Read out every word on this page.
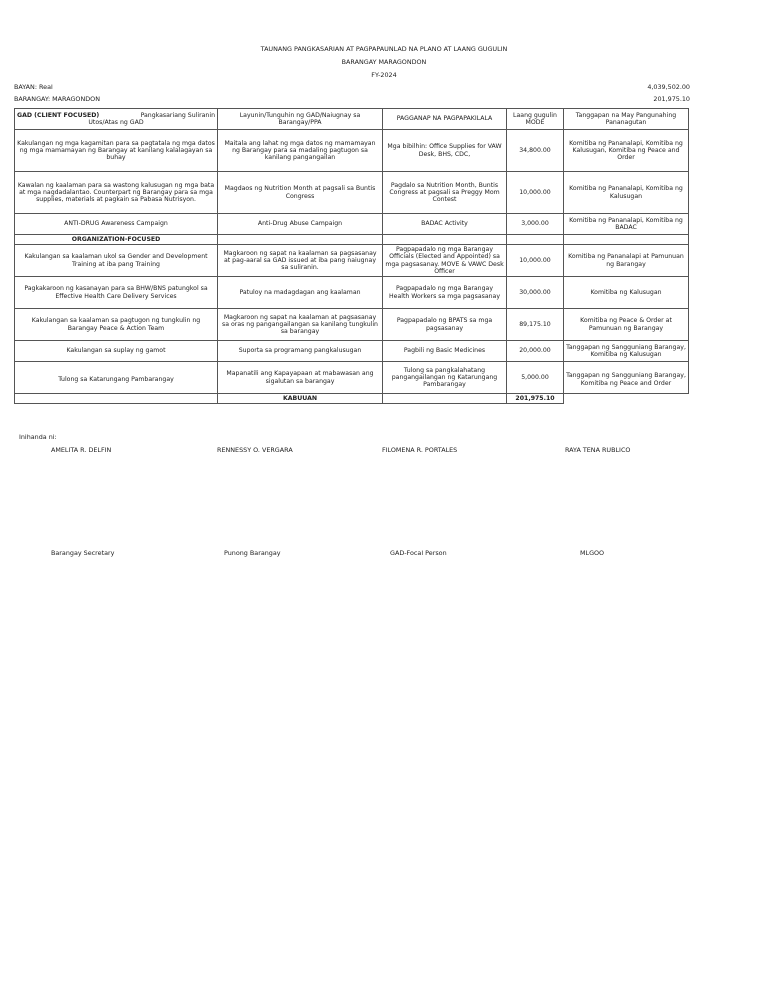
TAUNANG PANGKASARIAN AT PAGPAPAUNLAD NA PLANO AT LAANG GUGULIN
BARANGAY MARAGONDON
FY-2024
BAYAN: Real	4,039,502.00
BARANGAY: MARAGONDON	201,975.10
GAD (CLIENT FOCUSED) Pangkasariang Suliranin
Utos/Atas ng GAD	Layunin/Tunguhin ng GAD/Naiugnay sa Barangay/PPA	PAGGANAP NA PAGPAPAKILALA	Laang gugulin MODE	Tanggapan na May Pangunahing Pananagutan
Kakulangan ng mga kagamitan para sa pagtatala ng mga datos ng mga mamamayan ng Barangay at kanilang kalalagayan sa buhay	Maitala ang lahat ng mga datos ng mamamayan ng Barangay para sa madaling pagtugon sa kanilang pangangailan	Mga bibilhin: Office Supplies for VAW Desk, BHS, CDC,	34,800.00	Komitiba ng Pananalapi, Komitiba ng Kalusugan, Komitiba ng Peace and Order
Kawalan ng kaalaman para sa wastong kalusugan ng mga bata at mga nagdadalantao. Counterpart ng Barangay para sa mga supplies, materials at pagkain sa Pabasa Nutrisyon.	Magdaos ng Nutrition Month at pagsali sa Buntis Congress	Pagdalo sa Nutrition Month, Buntis Congress at pagsali sa Preggy Mom Contest	10,000.00	Komitiba ng Pananalapi, Komitiba ng Kalusugan
ANTI-DRUG Awareness Campaign	Anti-Drug Abuse Campaign	BADAC Activity	3,000.00	Komitiba ng Pananalapi, Komitiba ng BADAC
ORGANIZATION-FOCUSED				
Kakulangan sa kaalaman ukol sa Gender and Development Training at iba pang Training	Magkaroon ng sapat na kaalaman sa pagsasanay at pag-aaral sa GAD issued at iba pang naiugnay sa suliranin.	Pagpapadalo ng mga Barangay Officials (Elected and Appointed) sa mga pagsasanay. MOVE & VAWC Desk Officer	10,000.00	Komitiba ng Pananalapi at Pamunuan ng Barangay
Pagkakaroon ng kasanayan para sa BHW/BNS patungkol sa Effective Health Care Delivery Services	Patuloy na madagdagan ang kaalaman	Pagpapadalo ng mga Barangay Health Workers sa mga pagsasanay	30,000.00	Komitiba ng Kalusugan
Kakulangan sa kaalaman sa pagtugon ng tungkulin ng Barangay Peace & Action Team	Magkaroon ng sapat na kaalaman at pagsasanay sa oras ng pangangailangan sa kanilang tungkulin sa barangay	Pagpapadalo ng BPATS sa mga pagsasanay	89,175.10	Komitiba ng Peace & Order at Pamunuan ng Barangay
Kakulangan sa suplay ng gamot	Suporta sa programang pangkalusugan	Pagbili ng Basic Medicines	20,000.00	Tanggapan ng Sangguniang Barangay, Komitiba ng Kalusugan
Tulong sa Katarungang Pambarangay	Mapanatili ang Kapayapaan at mabawasan ang sigalutan sa barangay	Tulong sa pangkalahatang pangangailangan ng Katarungang Pambarangay	5,000.00	Tanggapan ng Sangguniang Barangay, Komitiba ng Peace and Order
	KABUUAN		201,975.10	
Inihanda ni:
AMELITA R. DELFIN	RENNESSY O. VERGARA	FILOMENA R. PORTALES	RAYA TENA RUBLICO
Barangay Secretary	Punong Barangay	GAD-Focal Person	MLGOO
